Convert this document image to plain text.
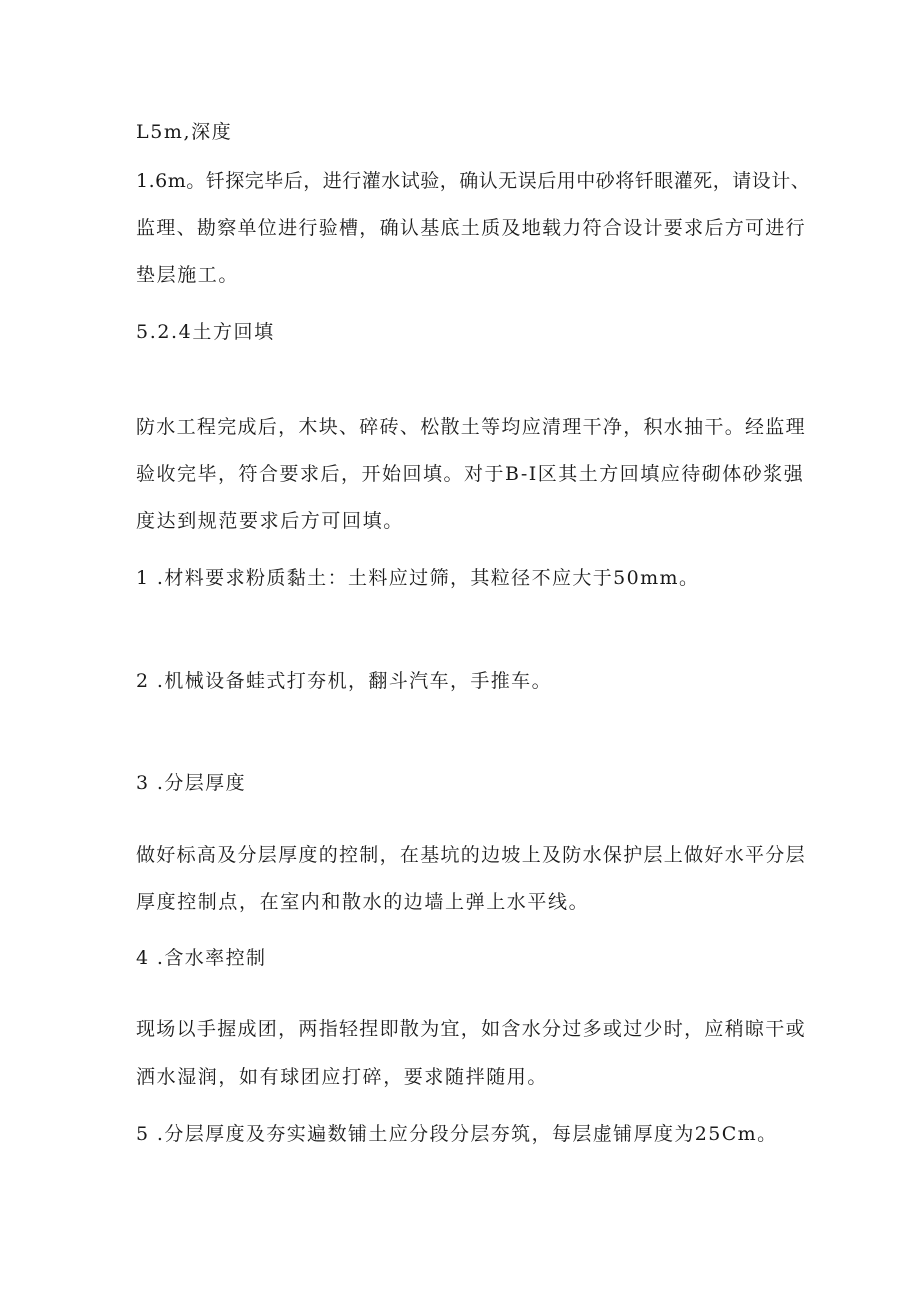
L5m,深度
1.6m。钎探完毕后，进行灌水试验，确认无误后用中砂将钎眼灌死，请设计、
监理、勘察单位进行验槽，确认基底土质及地载力符合设计要求后方可进行
垫层施工。
5.2.4土方回填
防水工程完成后，木块、碎砖、松散土等均应清理干净，积水抽干。经监理
验收完毕，符合要求后，开始回填。对于B-I区其土方回填应待砌体砂浆强
度达到规范要求后方可回填。
1 .材料要求粉质黏土：土料应过筛，其粒径不应大于50mm。
2 .机械设备蛙式打夯机，翻斗汽车，手推车。
3 .分层厚度
做好标高及分层厚度的控制，在基坑的边坡上及防水保护层上做好水平分层
厚度控制点，在室内和散水的边墙上弹上水平线。
4 .含水率控制
现场以手握成团，两指轻捏即散为宜，如含水分过多或过少时，应稍晾干或
洒水湿润，如有球团应打碎，要求随拌随用。
5 .分层厚度及夯实遍数铺土应分段分层夯筑，每层虚铺厚度为25Cm。
